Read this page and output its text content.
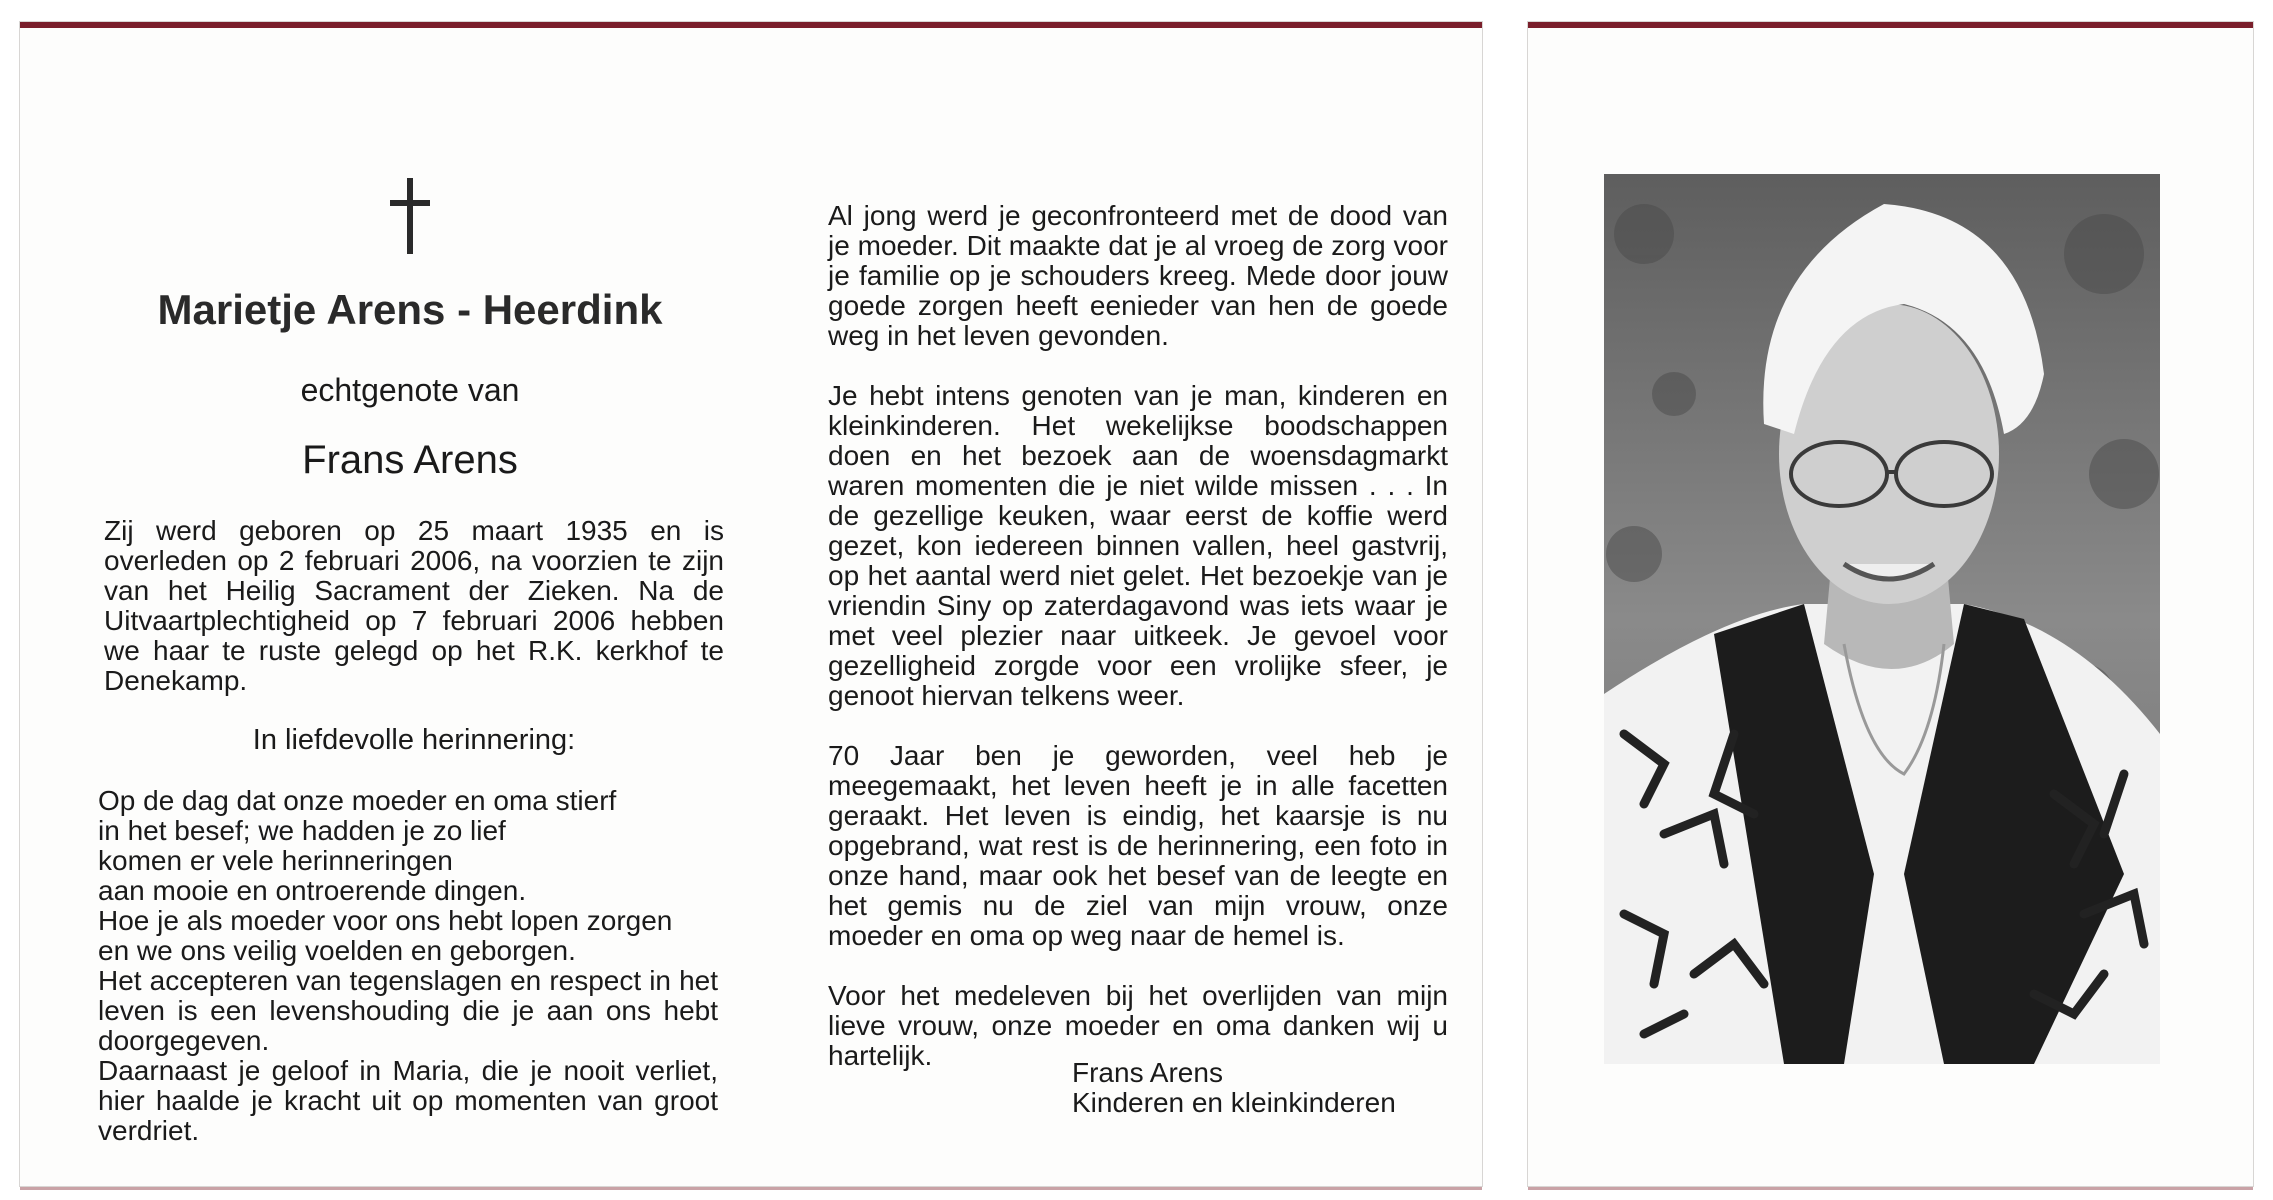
Marietje Arens - Heerdink
echtgenote van
Frans Arens

Zij werd geboren op 25 maart 1935 en is overleden op 2 februari 2006, na voorzien te zijn van het Heilig Sacrament der Zieken. Na de Uitvaartplechtigheid op 7 februari 2006 hebben we haar te ruste gelegd op het R.K. kerkhof te Denekamp.

In liefdevolle herinnering:

Op de dag dat onze moeder en oma stierf

in het besef; we hadden je zo lief

komen er vele herinneringen

aan mooie en ontroerende dingen.

Hoe je als moeder voor ons hebt lopen zorgen

en we ons veilig voelden en geborgen.

Het accepteren van tegenslagen en respect in het leven is een levenshouding die je aan ons hebt doorgegeven.

Daarnaast je geloof in Maria, die je nooit verliet, hier haalde je kracht uit op momenten van groot verdriet.

Al jong werd je geconfronteerd met de dood van je moeder. Dit maakte dat je al vroeg de zorg voor je familie op je schouders kreeg. Mede door jouw goede zorgen heeft eenieder van hen de goede weg in het leven gevonden.

Je hebt intens genoten van je man, kinderen en kleinkinderen. Het wekelijkse boodschappen doen en het bezoek aan de woensdagmarkt waren momenten die je niet wilde missen . . . In de gezellige keuken, waar eerst de koffie werd gezet, kon iedereen binnen vallen, heel gastvrij, op het aantal werd niet gelet. Het bezoekje van je vriendin Siny op zaterdagavond was iets waar je met veel plezier naar uitkeek. Je gevoel voor gezelligheid zorgde voor een vrolijke sfeer, je genoot hiervan telkens weer.

70 Jaar ben je geworden, veel heb je meegemaakt, het leven heeft je in alle facetten geraakt. Het leven is eindig, het kaarsje is nu opgebrand, wat rest is de herinnering, een foto in onze hand, maar ook het besef van de leegte en het gemis nu de ziel van mijn vrouw, onze moeder en oma op weg naar de hemel is.

Voor het medeleven bij het overlijden van mijn lieve vrouw, onze moeder en oma danken wij u hartelijk.

Frans Arens
Kinderen en kleinkinderen
